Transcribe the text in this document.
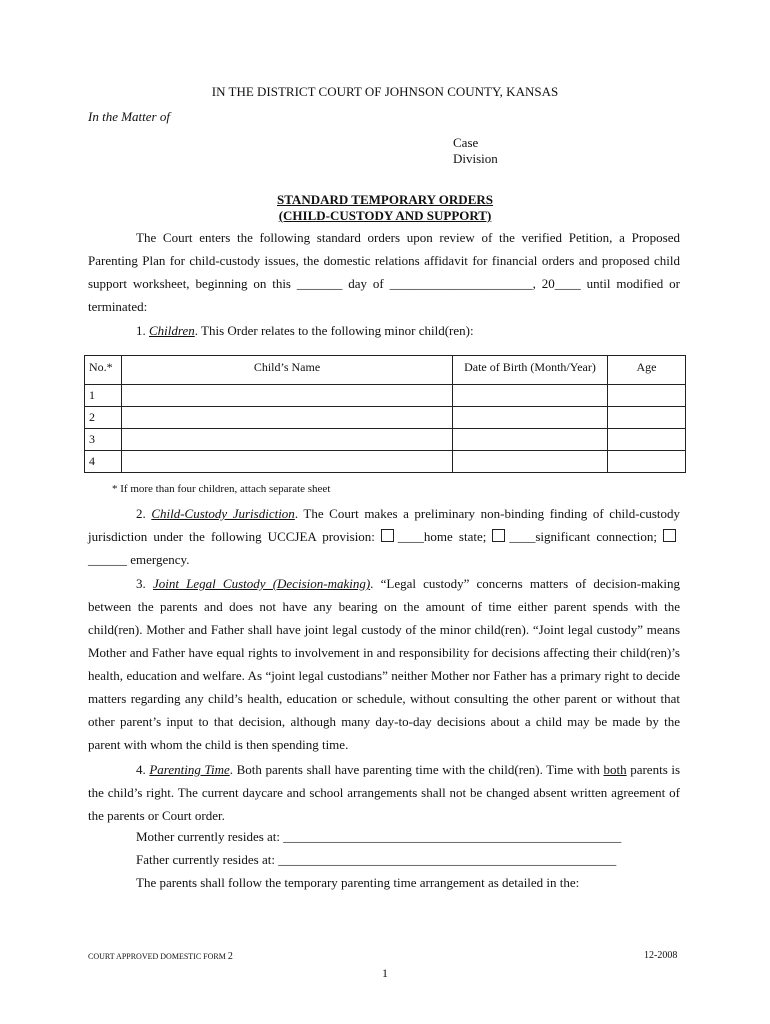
IN THE DISTRICT COURT OF JOHNSON COUNTY, KANSAS
In the Matter of
Case
Division
STANDARD TEMPORARY ORDERS
(CHILD-CUSTODY AND SUPPORT)
The Court enters the following standard orders upon review of the verified Petition, a Proposed Parenting Plan for child-custody issues, the domestic relations affidavit for financial orders and proposed child support worksheet, beginning on this _______ day of ______________________, 20____ until modified or terminated:
1. Children. This Order relates to the following minor child(ren):
No.*	Child’s Name	Date of Birth (Month/Year)	Age
1			
2			
3			
4			
* If more than four children, attach separate sheet
2. Child-Custody Jurisdiction. The Court makes a preliminary non-binding finding of child-custody jurisdiction under the following UCCJEA provision: ____home state; ____significant connection;______ emergency.
3. Joint Legal Custody (Decision-making). “Legal custody” concerns matters of decision-making between the parents and does not have any bearing on the amount of time either parent spends with the child(ren). Mother and Father shall have joint legal custody of the minor child(ren). “Joint legal custody” means Mother and Father have equal rights to involvement in and responsibility for decisions affecting their child(ren)’s health, education and welfare. As “joint legal custodians” neither Mother nor Father has a primary right to decide matters regarding any child’s health, education or schedule, without consulting the other parent or without that other parent’s input to that decision, although many day-to-day decisions about a child may be made by the parent with whom the child is then spending time.
4. Parenting Time. Both parents shall have parenting time with the child(ren). Time with both parents is the child’s right. The current daycare and school arrangements shall not be changed absent written agreement of the parents or Court order.
Mother currently resides at: ____________________________________________________
Father currently resides at: ____________________________________________________
The parents shall follow the temporary parenting time arrangement as detailed in the:
COURT APPROVED DOMESTIC FORM 2	12-2008
1
